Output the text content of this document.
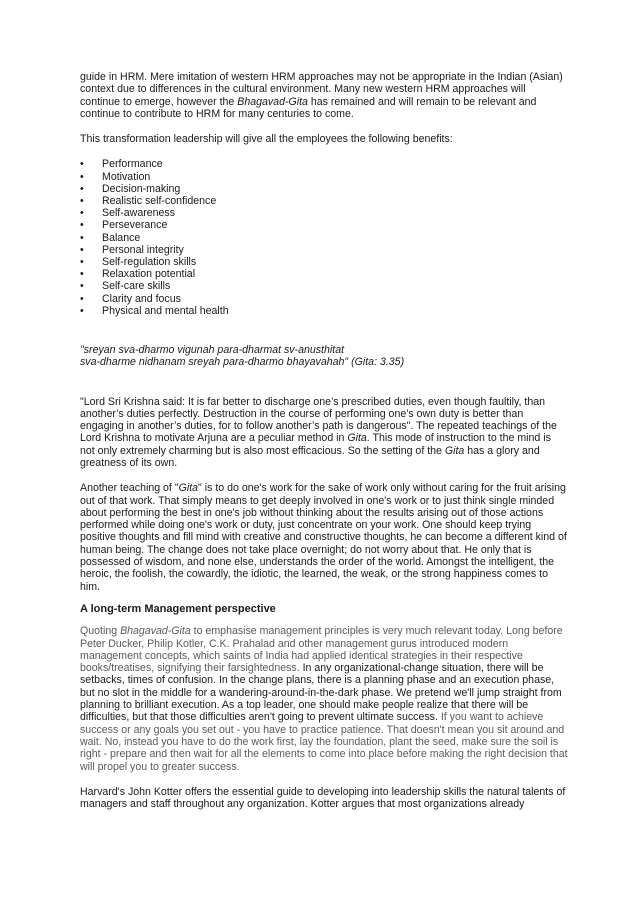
guide in HRM. Mere imitation of western HRM approaches may not be appropriate in the Indian (Asian) context due to differences in the cultural environment. Many new western HRM approaches will continue to emerge, however the Bhagavad-Gita has remained and will remain to be relevant and continue to contribute to HRM for many centuries to come.

This transformation leadership will give all the employees the following benefits:

•	Performance
•	Motivation
•	Decision-making
•	Realistic self-confidence
•	Self-awareness
•	Perseverance
•	Balance
•	Personal integrity
•	Self-regulation skills
•	Relaxation potential
•	Self-care skills
•	Clarity and focus
•	Physical and mental health

"sreyan sva-dharmo vigunah para-dharmat sv-anusthitat
sva-dharme nidhanam sreyah para-dharmo bhayavahah" (Gita: 3.35)

"Lord Sri Krishna said: It is far better to discharge one’s prescribed duties, even though faultily, than another’s duties perfectly. Destruction in the course of performing one’s own duty is better than engaging in another’s duties, for to follow another’s path is dangerous". The repeated teachings of the Lord Krishna to motivate Arjuna are a peculiar method in Gita. This mode of instruction to the mind is not only extremely charming but is also most efficacious. So the setting of the Gita has a glory and greatness of its own.

Another teaching of "Gita" is to do one's work for the sake of work only without caring for the fruit arising out of that work. That simply means to get deeply involved in one's work or to just think single minded about performing the best in one's job without thinking about the results arising out of those actions performed while doing one's work or duty, just concentrate on your work. One should keep trying positive thoughts and fill mind with creative and constructive thoughts, he can become a different kind of human being. The change does not take place overnight; do not worry about that. He only that is possessed of wisdom, and none else, understands the order of the world. Amongst the intelligent, the heroic, the foolish, the cowardly, the idiotic, the learned, the weak, or the strong happiness comes to him.

A long-term Management perspective

Quoting Bhagavad-Gita to emphasise management principles is very much relevant today. Long before Peter Ducker, Philip Kotler, C.K. Prahalad and other management gurus introduced modern management concepts, which saints of India had applied identical strategies in their respective books/treatises, signifying their farsightedness. In any organizational-change situation, there will be setbacks, times of confusion. In the change plans, there is a planning phase and an execution phase, but no slot in the middle for a wandering-around-in-the-dark phase. We pretend we'll jump straight from planning to brilliant execution. As a top leader, one should make people realize that there will be difficulties, but that those difficulties aren't going to prevent ultimate success. If you want to achieve success or any goals you set out - you have to practice patience. That doesn't mean you sit around and wait. No, instead you have to do the work first, lay the foundation, plant the seed, make sure the soil is right - prepare and then wait for all the elements to come into place before making the right decision that will propel you to greater success.

Harvard's John Kotter offers the essential guide to developing into leadership skills the natural talents of managers and staff throughout any organization. Kotter argues that most organizations already
